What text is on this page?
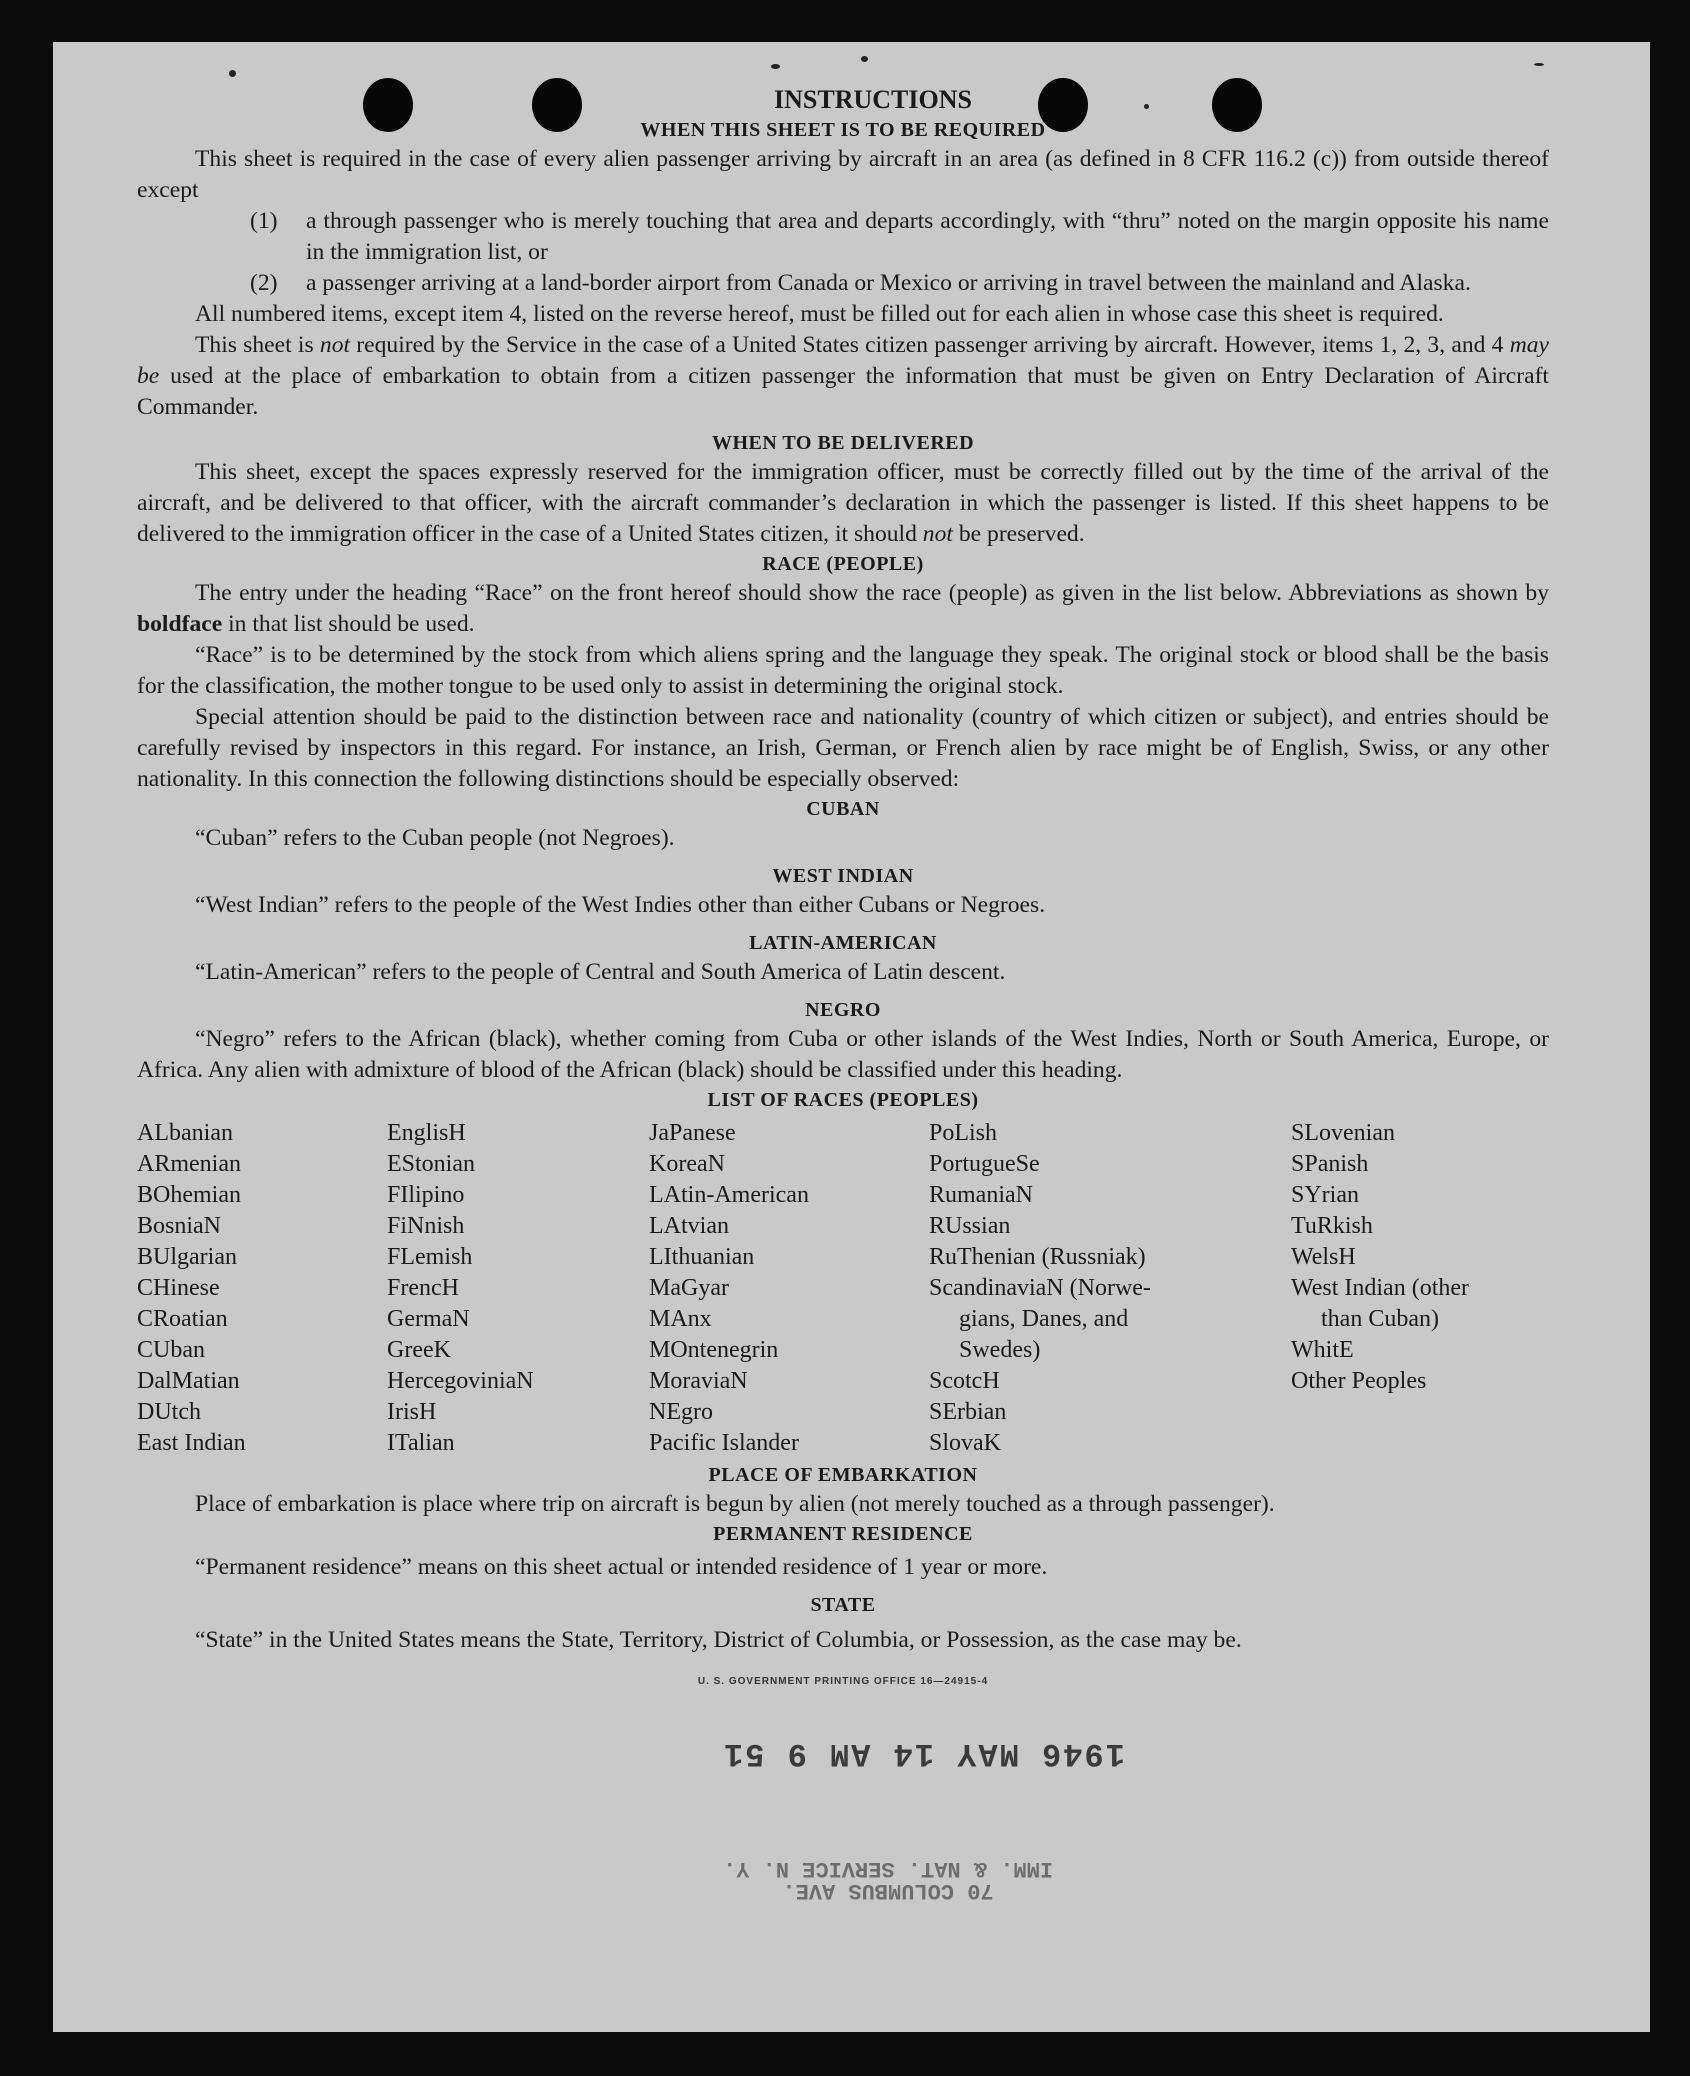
INSTRUCTIONS
WHEN THIS SHEET IS TO BE REQUIRED

This sheet is required in the case of every alien passenger arriving by aircraft in an area (as defined in 8 CFR 116.2 (c)) from outside thereof except

(1)	a through passenger who is merely touching that area and departs accordingly, with “thru” noted on the margin opposite his name in the immigration list, or
(2)	a passenger arriving at a land-border airport from Canada or Mexico or arriving in travel between the mainland and Alaska.

All numbered items, except item 4, listed on the reverse hereof, must be filled out for each alien in whose case this sheet is required.

This sheet is not required by the Service in the case of a United States citizen passenger arriving by aircraft. However, items 1, 2, 3, and 4 may be used at the place of embarkation to obtain from a citizen passenger the information that must be given on Entry Declaration of Aircraft Commander.

WHEN TO BE DELIVERED

This sheet, except the spaces expressly reserved for the immigration officer, must be correctly filled out by the time of the arrival of the aircraft, and be delivered to that officer, with the aircraft commander’s declaration in which the passenger is listed. If this sheet happens to be delivered to the immigration officer in the case of a United States citizen, it should not be preserved.

RACE (PEOPLE)

The entry under the heading “Race” on the front hereof should show the race (people) as given in the list below. Abbreviations as shown by boldface in that list should be used.

“Race” is to be determined by the stock from which aliens spring and the language they speak. The original stock or blood shall be the basis for the classification, the mother tongue to be used only to assist in determining the original stock.

Special attention should be paid to the distinction between race and nationality (country of which citizen or subject), and entries should be carefully revised by inspectors in this regard. For instance, an Irish, German, or French alien by race might be of English, Swiss, or any other nationality. In this connection the following distinctions should be especially observed:

CUBAN

“Cuban” refers to the Cuban people (not Negroes).

WEST INDIAN

“West Indian” refers to the people of the West Indies other than either Cubans or Negroes.

LATIN-AMERICAN

“Latin-American” refers to the people of Central and South America of Latin descent.

NEGRO

“Negro” refers to the African (black), whether coming from Cuba or other islands of the West Indies, North or South America, Europe, or Africa. Any alien with admixture of blood of the African (black) should be classified under this heading.

LIST OF RACES (PEOPLES)
ALbanian
ARmenian
BOhemian
BosniaN
BUlgarian
CHinese
CRoatian
CUban
DalMatian
DUtch
East Indian
EnglisH
EStonian
FIlipino
FiNnish
FLemish
FrencH
GermaN
GreeK
HercegoviniaN
IrisH
ITalian
JaPanese
KoreaN
LAtin-American
LAtvian
LIthuanian
MaGyar
MAnx
MOntenegrin
MoraviaN
NEgro
Pacific Islander
PoLish
PortugueSe
RumaniaN
RUssian
RuThenian (Russniak)
ScandinaviaN (Norwe-
gians, Danes, and
Swedes)
ScotcH
SErbian
SlovaK
SLovenian
SPanish
SYrian
TuRkish
WelsH
West Indian (other
than Cuban)
WhitE
Other Peoples
PLACE OF EMBARKATION

Place of embarkation is place where trip on aircraft is begun by alien (not merely touched as a through passenger).

PERMANENT RESIDENCE

“Permanent residence” means on this sheet actual or intended residence of 1 year or more.

STATE

“State” in the United States means the State, Territory, District of Columbia, or Possession, as the case may be.

U. S. GOVERNMENT PRINTING OFFICE 16—24915-4
1946 MAY 14 AM 9 51
70 COLUMBUS AVE.
IMM. & NAT. SERVICE N. Y.
